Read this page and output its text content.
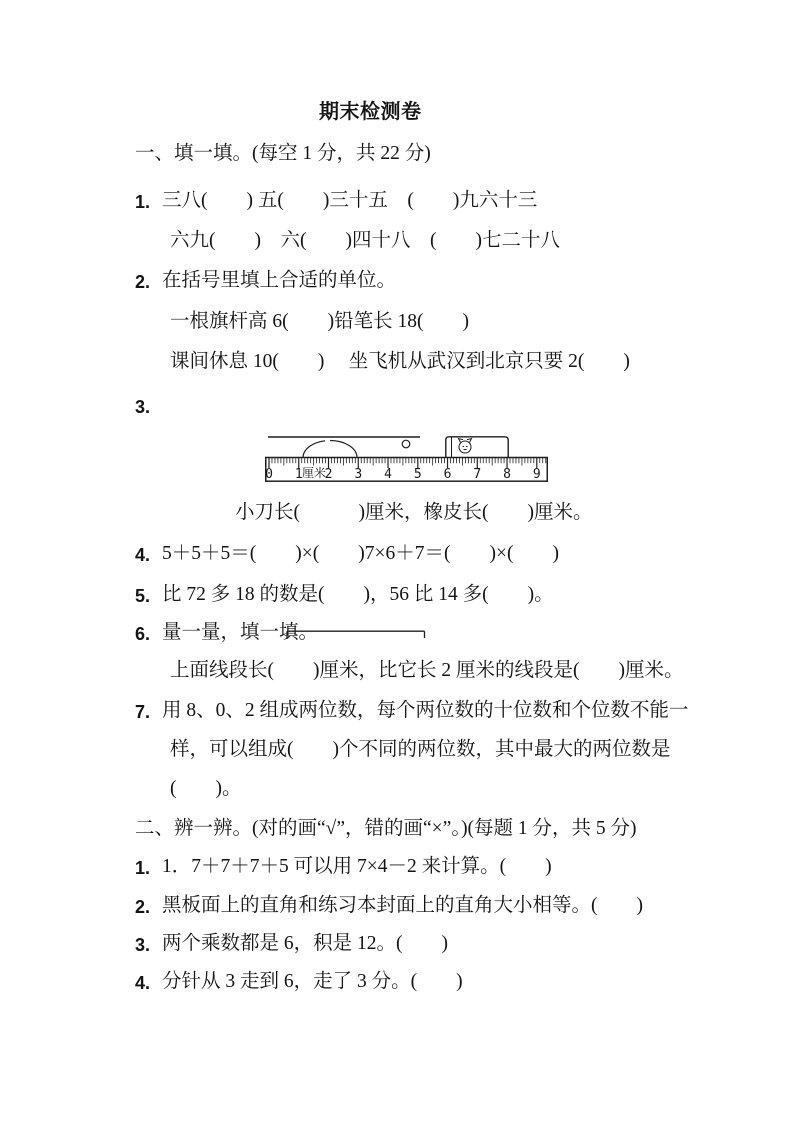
期末检测卷
一、填一填。(每空 1 分，共 22 分)
1. 三八(　　) 五(　　)三十五　(　　)九六十三
六九(　　)　六(　　)四十八　(　　)七二十八
2. 在括号里填上合适的单位。
一根旗杆高 6(　　)铅笔长 18(　　)
课间休息 10(　　)　 坐飞机从武汉到北京只要 2(　　)
3.
0 1 厘米
2 3 4 5 6 7 8 9
小刀长(　　　)厘米，橡皮长(　　)厘米。
4. 5＋5＋5＝(　　)×(　　)7×6＋7＝(　　)×(　　)
5. 比 72 多 18 的数是(　　)，56 比 14 多(　　)。
6. 量一量，填一填。
上面线段长(　　)厘米，比它长 2 厘米的线段是(　　)厘米。
7. 用 8、0、2 组成两位数，每个两位数的十位数和个位数不能一
样，可以组成(　　)个不同的两位数，其中最大的两位数是
(　　)。
二、辨一辨。(对的画“√”，错的画“×”。)(每题 1 分，共 5 分)
1. 1．7＋7＋7＋5 可以用 7×4－2 来计算。(　　)
2. 黑板面上的直角和练习本封面上的直角大小相等。(　　)
3. 两个乘数都是 6，积是 12。(　　)
4. 分针从 3 走到 6，走了 3 分。(　　)
